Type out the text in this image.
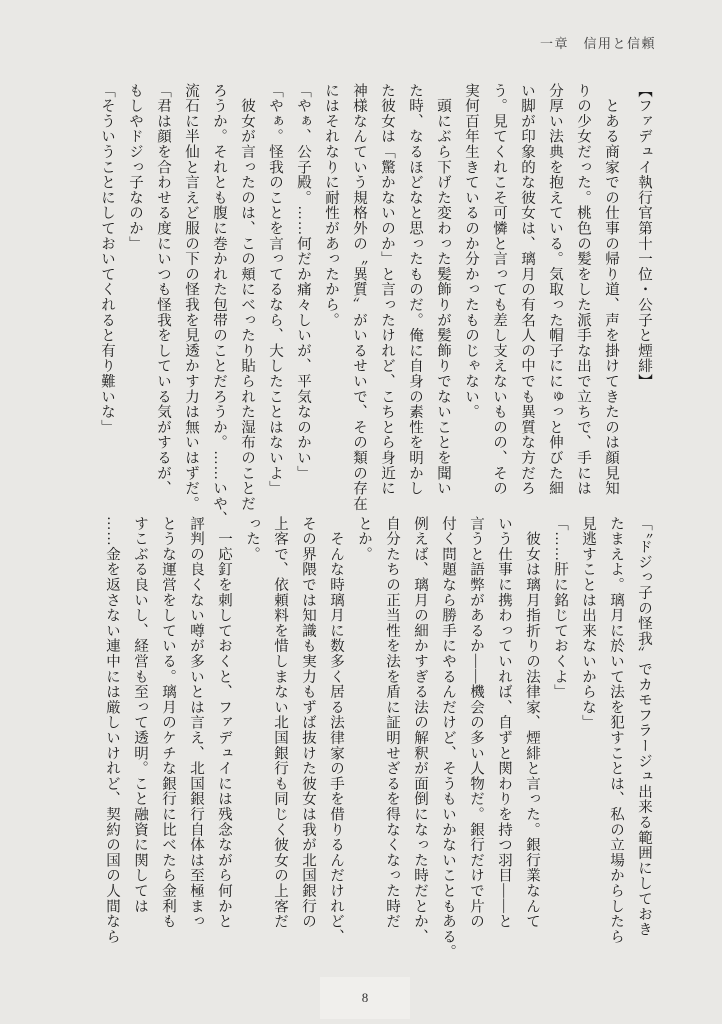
一章　信用と信頼
【ファデュイ執行官第十一位・公子と煙緋】
　とある商家での仕事の帰り道、声を掛けてきたのは顔見知
りの少女だった。桃色の髪をした派手な出で立ちで、手には
分厚い法典を抱えている。気取った帽子ににゅっと伸びた細
い脚が印象的な彼女は、璃月の有名人の中でも異質な方だろ
う。見てくれこそ可憐と言っても差し支えないものの、その
実何百年生きているのか分かったものじゃない。
　頭にぶら下げた変わった髪飾りが髪飾りでないことを聞い
た時、なるほどなと思ったものだ。俺に自身の素性を明かし
た彼女は「驚かないのか」と言ったけれど、こちとら身近に
神様なんていう規格外の〝異質〟がいるせいで、その類の存在
にはそれなりに耐性があったから。
「やぁ、公子殿。……何だか痛々しいが、平気なのかい」
「やぁ。怪我のことを言ってるなら、大したことはないよ」
　彼女が言ったのは、この頬にべったり貼られた湿布のことだ
ろうか。それとも腹に巻かれた包帯のことだろうか。……いや、
流石に半仙と言えど服の下の怪我を見透かす力は無いはずだ。
「君は顔を合わせる度にいつも怪我をしている気がするが、
もしやドジっ子なのか」
「そういうことにしておいてくれると有り難いな」
「〝ドジっ子の怪我〟でカモフラージュ出来る範囲にしておき
たまえよ。璃月に於いて法を犯すことは、私の立場からしたら
見逃すことは出来ないからな」
「……肝に銘じておくよ」
　彼女は璃月指折りの法律家、煙緋と言った。銀行業なんて
いう仕事に携わっていれば、自ずと関わりを持つ羽目――と
言うと語弊があるか――機会の多い人物だ。銀行だけで片の
付く問題なら勝手にやるんだけど、そうもいかないこともある。
例えば、璃月の細かすぎる法の解釈が面倒になった時だとか、
自分たちの正当性を法を盾に証明せざるを得なくなった時だ
とか。
　そんな時璃月に数多く居る法律家の手を借りるんだけれど、
その界隈では知識も実力もずば抜けた彼女は我が北国銀行の
上客で、依頼料を惜しまない北国銀行も同じく彼女の上客だ
った。
　一応釘を刺しておくと、ファデュイには残念ながら何かと
評判の良くない噂が多いとは言え、北国銀行自体は至極まっ
とうな運営をしている。璃月のケチな銀行に比べたら金利も
すこぶる良いし、経営も至って透明。こと融資に関しては
……金を返さない連中には厳しいけれど、契約の国の人間なら
8
